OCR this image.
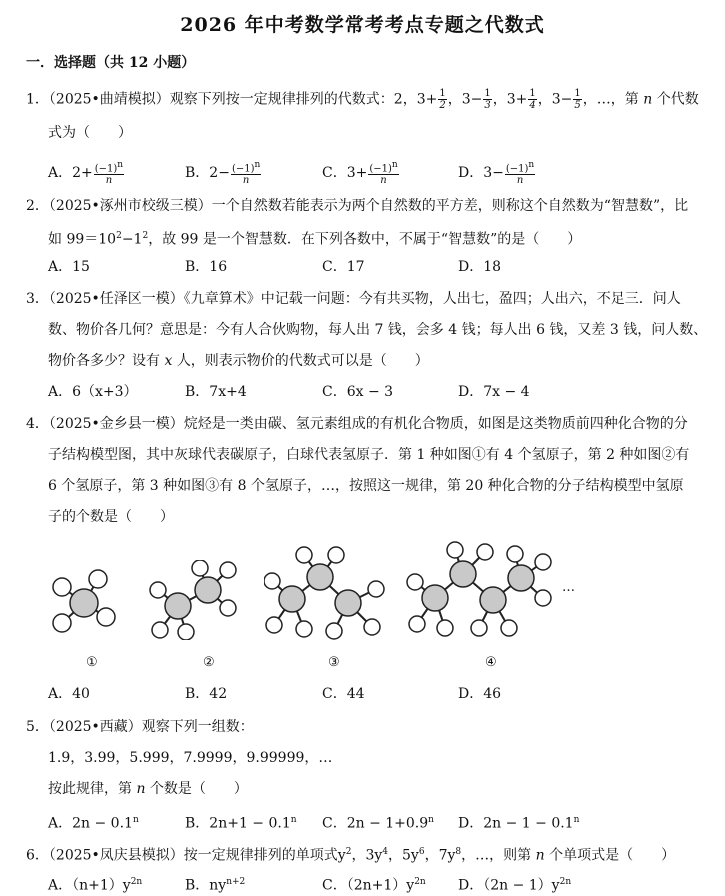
2026 年中考数学常考考点专题之代数式
一．选择题（共 12 小题）
1．（2025•曲靖模拟）观察下列按一定规律排列的代数式：2，$3+ \frac{1}{2}$ ，$3- \frac{1}{3}$ ，$3+ \frac{1}{4}$ ，$3- \frac{1}{5}$ ，…，第 n 个代数
式为（　　）
A．$2+ \frac{(-1)^n}{n}$	B．$2- \frac{(-1)^n}{n}$	C．$3+ \frac{(-1)^n}{n}$	D．$3- \frac{(-1)^n}{n}$
2．（2025•涿州市校级三模）一个自然数若能表示为两个自然数的平方差，则称这个自然数为“智慧数”，比
如 $99=10^2-1^2$，故 99 是一个智慧数．在下列各数中，不属于“智慧数”的是（　　）
A．15	B．16	C．17	D．18
3．（2025•任泽区一模）《九章算术》中记载一问题：今有共买物，人出七，盈四；人出六，不足三．问人
数、物价各几何？意思是：今有人合伙购物，每人出 7 钱，会多 4 钱；每人出 6 钱，又差 3 钱，问人数、
物价各多少？设有 x 人，则表示物价的代数式可以是（　　）
A．6（x+3）	B．7x+4	C．6x − 3	D．7x − 4
4．（2025•金乡县一模）烷烃是一类由碳、氢元素组成的有机化合物质，如图是这类物质前四种化合物的分
子结构模型图，其中灰球代表碳原子，白球代表氢原子．第 1 种如图①有 4 个氢原子，第 2 种如图②有
6 个氢原子，第 3 种如图③有 8 个氢原子，…，按照这一规律，第 20 种化合物的分子结构模型中氢原
子的个数是（　　）
①	②	③
…
④
A．40	B．42	C．44	D．46
5．（2025•西藏）观察下列一组数：
1.9，3.99，5.999，7.9999，9.99999，…
按此规律，第 n 个数是（　　）
A．$2n - 0.1^n$	B．$2n+1 - 0.1^n$ C．$2n - 1+0.9^n$ D．$2n - 1 - 0.1^n$
6．（2025•凤庆县模拟）按一定规律排列的单项式$y^2$，$3y^4$，$5y^6$，$7y^8$，…，则第 n 个单项式是（　　）
A．$(n+1)y^{2n}$	B．$ny^{n+2}$	C．$(2n+1)y^{2n}$ D．$(2n - 1)y^{2n}$
